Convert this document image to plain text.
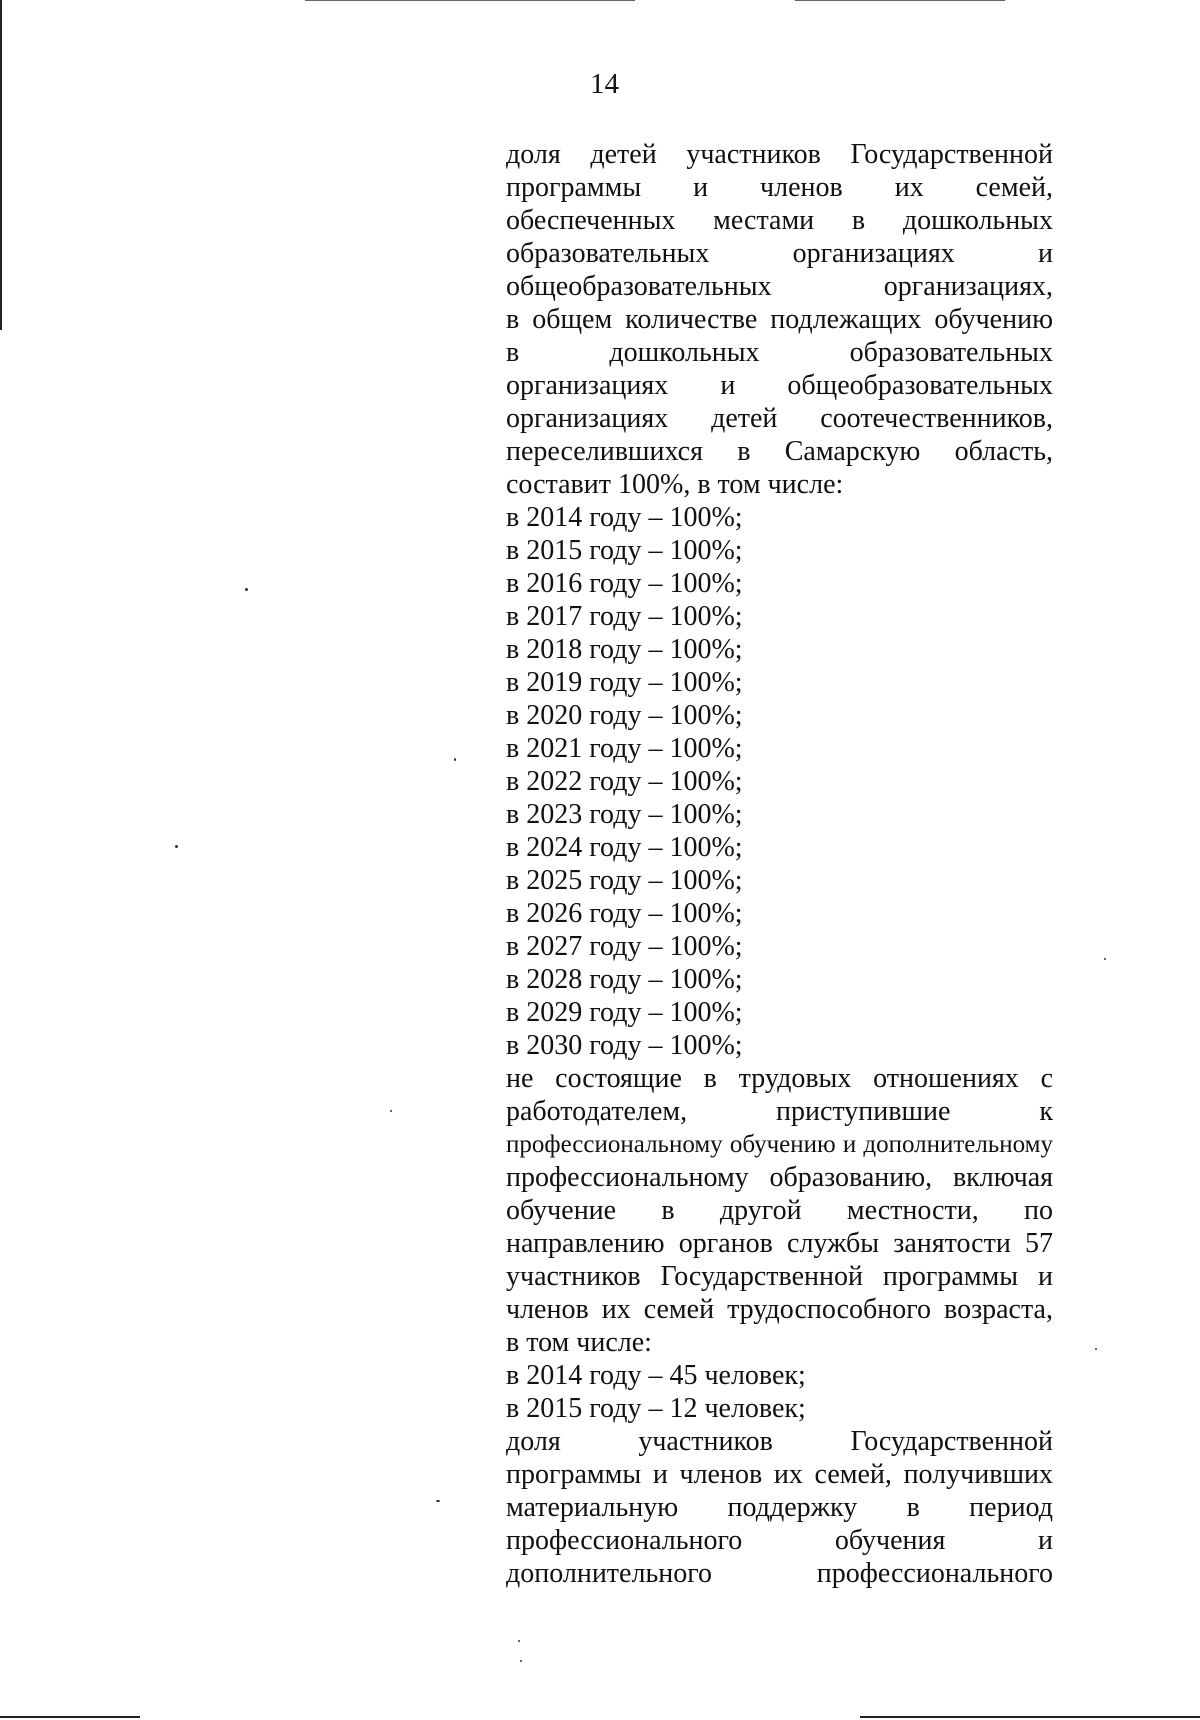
14
доля детей участников Государственной
программы и членов их семей,
обеспеченных местами в дошкольных
образовательных организациях и
общеобразовательных организациях,
в общем количестве подлежащих обучению
в дошкольных образовательных
организациях и общеобразовательных
организациях детей соотечественников,
переселившихся в Самарскую область,
составит 100%, в том числе:
в 2014 году – 100%;
в 2015 году – 100%;
в 2016 году – 100%;
в 2017 году – 100%;
в 2018 году – 100%;
в 2019 году – 100%;
в 2020 году – 100%;
в 2021 году – 100%;
в 2022 году – 100%;
в 2023 году – 100%;
в 2024 году – 100%;
в 2025 году – 100%;
в 2026 году – 100%;
в 2027 году – 100%;
в 2028 году – 100%;
в 2029 году – 100%;
в 2030 году – 100%;
не состоящие в трудовых отношениях с
работодателем, приступившие к
профессиональному обучению и дополнительному
профессиональному образованию, включая
обучение в другой местности, по
направлению органов службы занятости 57
участников Государственной программы и
членов их семей трудоспособного возраста,
в том числе:
в 2014 году – 45 человек;
в 2015 году – 12 человек;
доля участников Государственной
программы и членов их семей, получивших
материальную поддержку в период
профессионального обучения и
дополнительного профессионального
